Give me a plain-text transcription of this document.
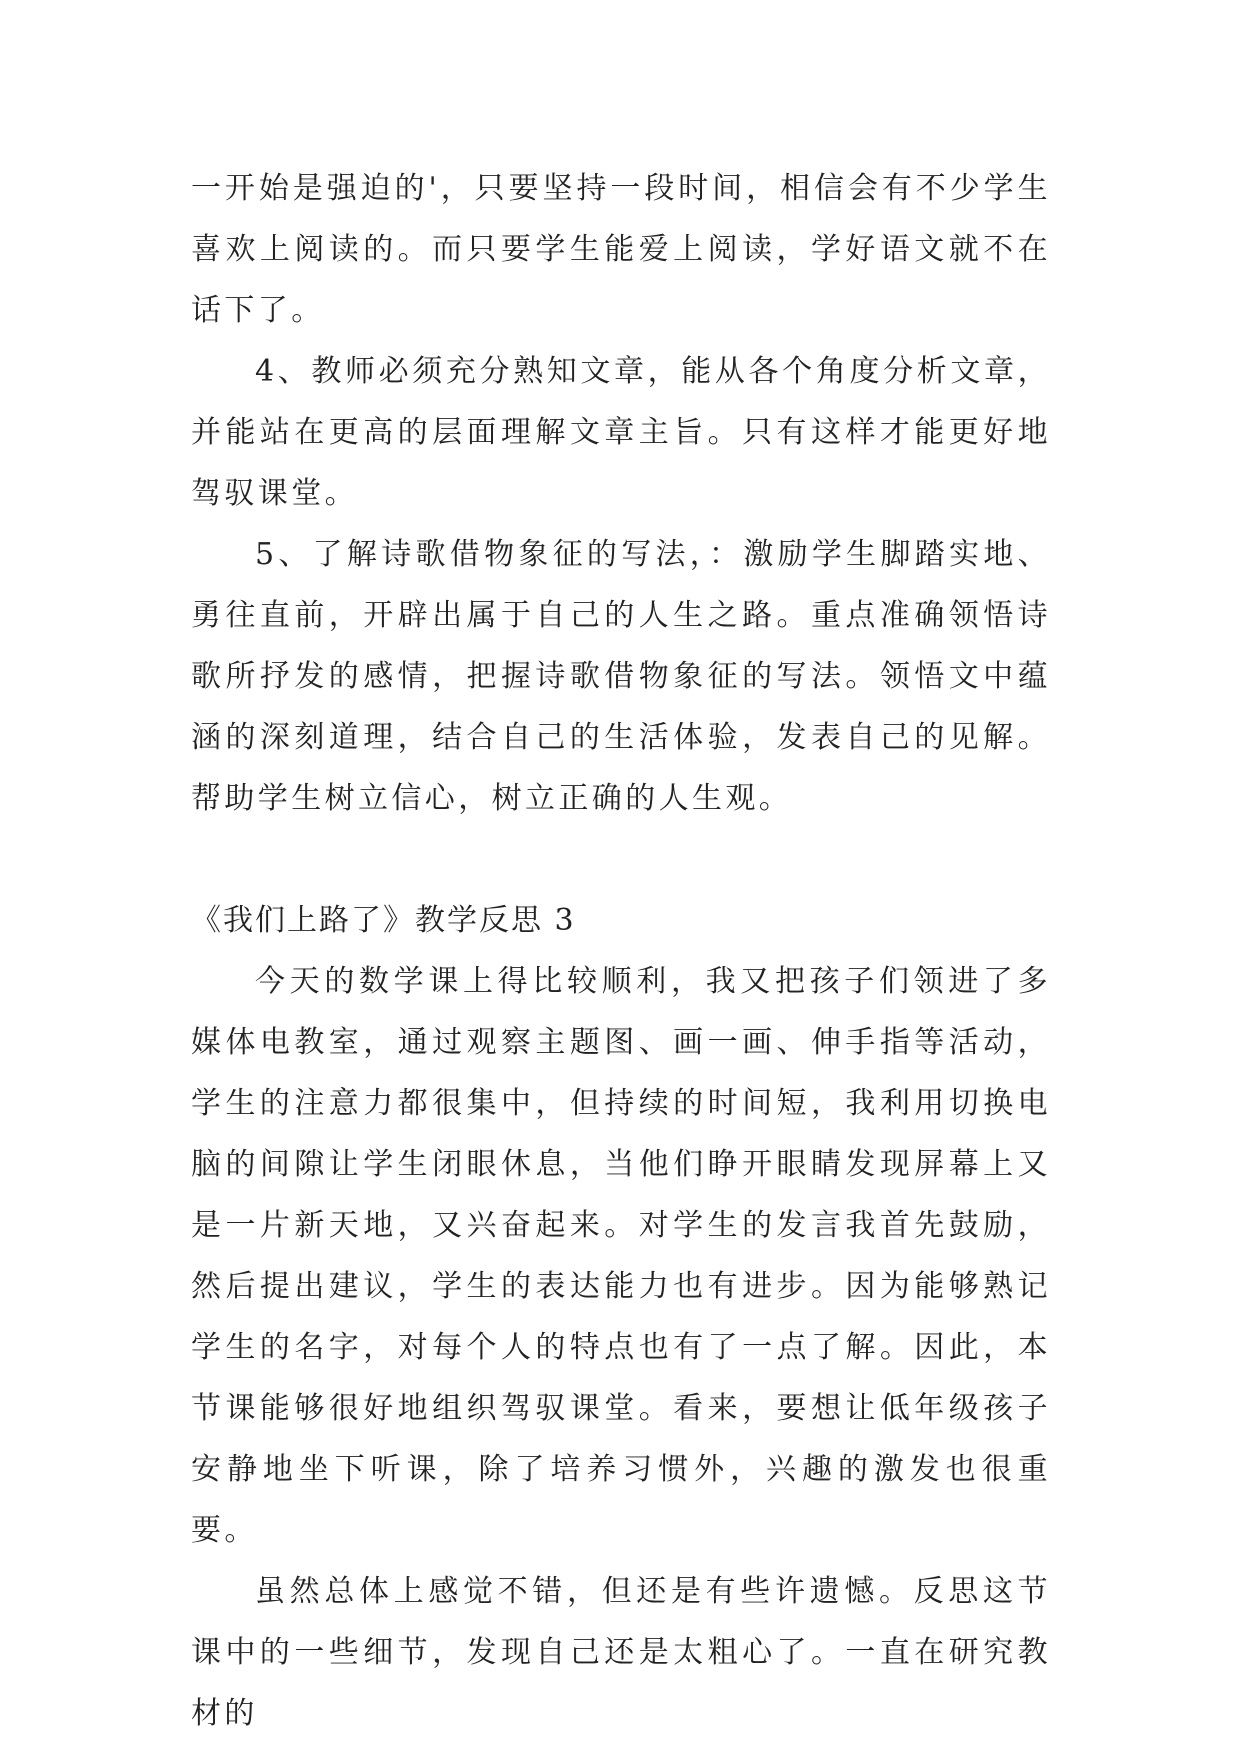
一开始是强迫的'，只要坚持一段时间，相信会有不少学生喜欢上阅读的。而只要学生能爱上阅读，学好语文就不在话下了。

4、教师必须充分熟知文章，能从各个角度分析文章，并能站在更高的层面理解文章主旨。只有这样才能更好地驾驭课堂。

5、了解诗歌借物象征的写法，：激励学生脚踏实地、勇往直前，开辟出属于自己的人生之路。重点准确领悟诗歌所抒发的感情，把握诗歌借物象征的写法。领悟文中蕴涵的深刻道理，结合自己的生活体验，发表自己的见解。帮助学生树立信心，树立正确的人生观。

《我们上路了》教学反思 3

今天的数学课上得比较顺利，我又把孩子们领进了多媒体电教室，通过观察主题图、画一画、伸手指等活动，学生的注意力都很集中，但持续的时间短，我利用切换电脑的间隙让学生闭眼休息，当他们睁开眼睛发现屏幕上又是一片新天地，又兴奋起来。对学生的发言我首先鼓励，然后提出建议，学生的表达能力也有进步。因为能够熟记学生的名字，对每个人的特点也有了一点了解。因此，本节课能够很好地组织驾驭课堂。看来，要想让低年级孩子安静地坐下听课，除了培养习惯外，兴趣的激发也很重要。

虽然总体上感觉不错，但还是有些许遗憾。反思这节课中的一些细节，发现自己还是太粗心了。一直在研究教材的
